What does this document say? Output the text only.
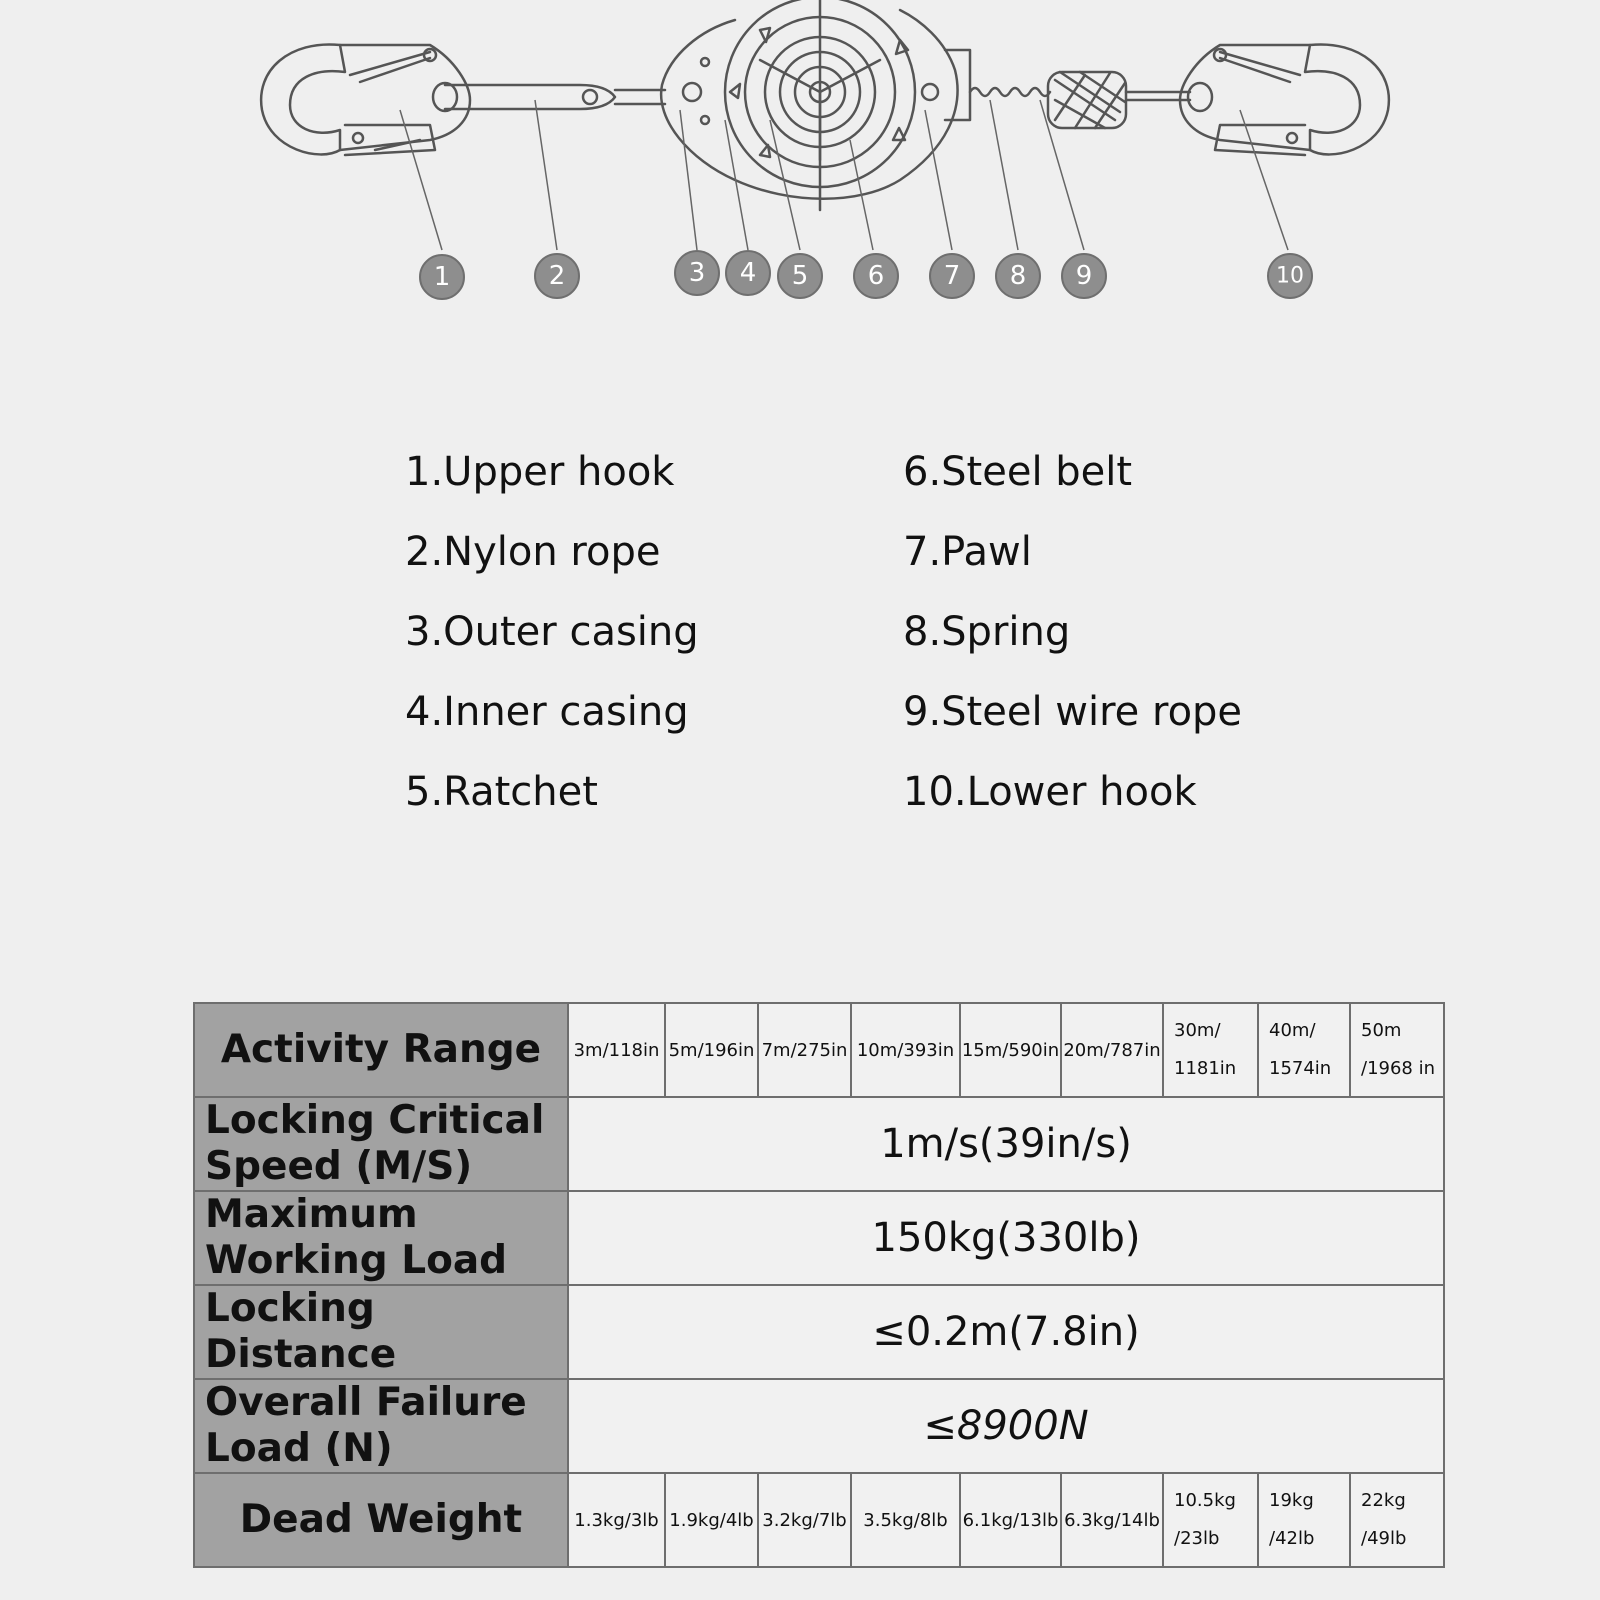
1	2	3 4 5 6 7 8 9	10
1.Upper hook
2.Nylon rope
3.Outer casing
4.Inner casing
5.Ratchet
6.Steel belt
7.Pawl
8.Spring
9.Steel wire rope
10.Lower hook
Activity Range	3m/118in	5m/196in	7m/275in	10m/393in	15m/590in	20m/787in	30m/ 1181in	40m/ 1574in	50m /1968 in
Locking Critical Speed (M/S)	1m/s(39in/s)								
Maximum Working Load	150kg(330lb)								
Locking Distance	≤0.2m(7.8in)								
Overall Failure Load (N)	≤8900N								
Dead Weight	1.3kg/3lb	1.9kg/4lb	3.2kg/7lb	3.5kg/8lb	6.1kg/13lb	6.3kg/14lb	10.5kg /23lb	19kg /42lb	22kg /49lb
